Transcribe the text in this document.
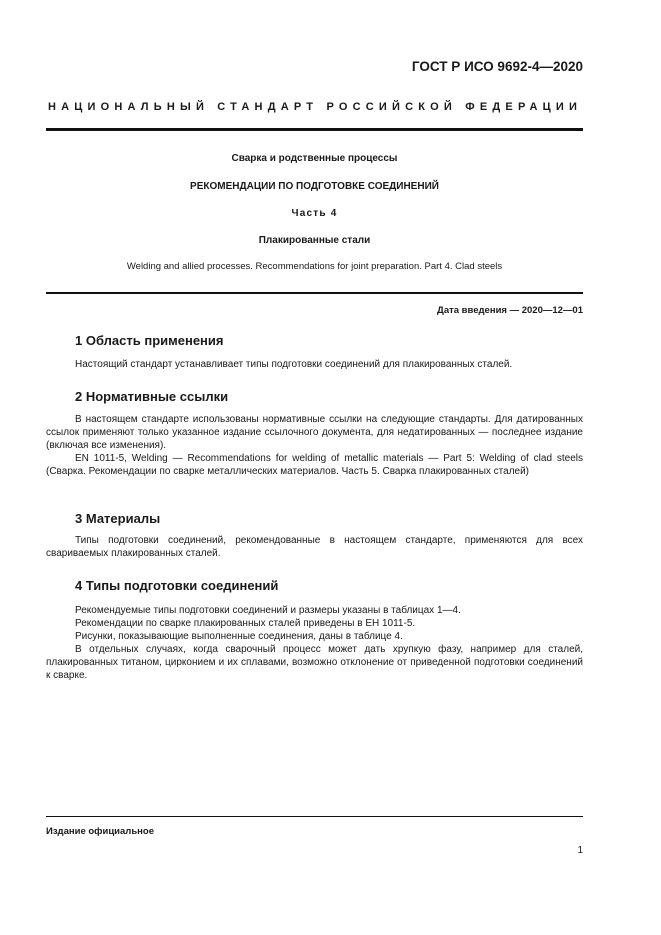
ГОСТ Р ИСО 9692-4—2020
НАЦИОНАЛЬНЫЙ СТАНДАРТ РОССИЙСКОЙ ФЕДЕРАЦИИ
Сварка и родственные процессы
РЕКОМЕНДАЦИИ ПО ПОДГОТОВКЕ СОЕДИНЕНИЙ
Часть 4
Плакированные стали
Welding and allied processes. Recommendations for joint preparation. Part 4. Clad steels
Дата введения — 2020—12—01
1 Область применения
Настоящий стандарт устанавливает типы подготовки соединений для плакированных сталей.
2 Нормативные ссылки
В настоящем стандарте использованы нормативные ссылки на следующие стандарты. Для датированных ссылок применяют только указанное издание ссылочного документа, для недатированных — последнее издание (включая все изменения).
EN 1011-5, Welding — Recommendations for welding of metallic materials — Part 5: Welding of clad steels (Сварка. Рекомендации по сварке металлических материалов. Часть 5. Сварка плакированных сталей)
3 Материалы
Типы подготовки соединений, рекомендованные в настоящем стандарте, применяются для всех свариваемых плакированных сталей.
4 Типы подготовки соединений
Рекомендуемые типы подготовки соединений и размеры указаны в таблицах 1—4.
Рекомендации по сварке плакированных сталей приведены в ЕН 1011-5.
Рисунки, показывающие выполненные соединения, даны в таблице 4.
В отдельных случаях, когда сварочный процесс может дать хрупкую фазу, например для сталей, плакированных титаном, цирконием и их сплавами, возможно отклонение от приведенной подготовки соединений к сварке.
Издание официальное
1
